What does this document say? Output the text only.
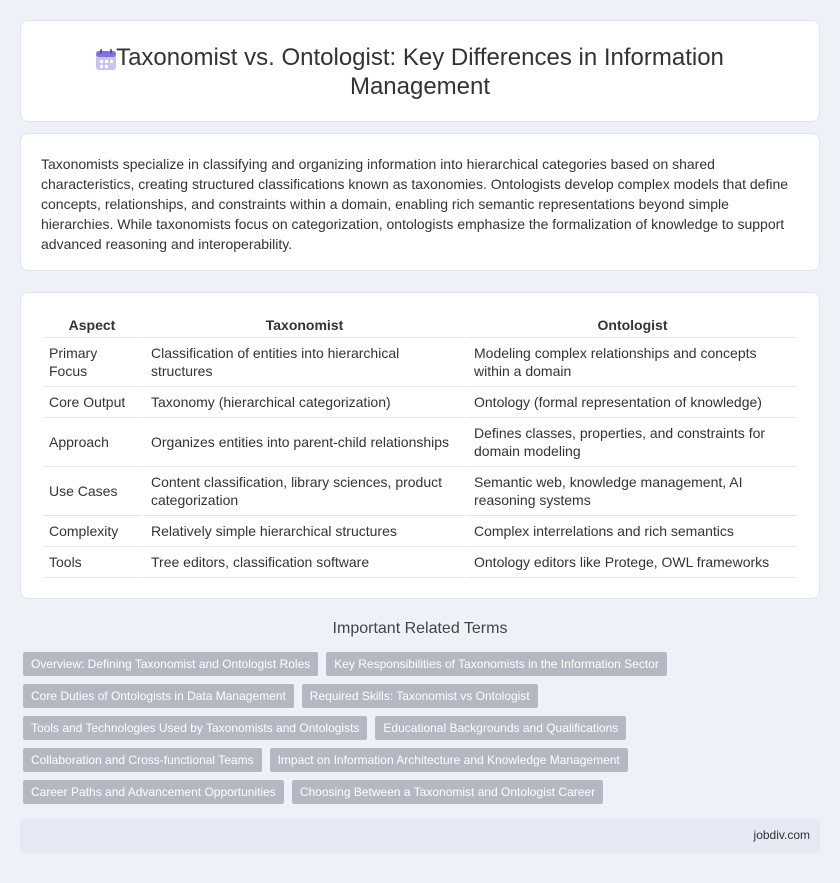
Taxonomist vs. Ontologist: Key Differences in Information Management

Taxonomists specialize in classifying and organizing information into hierarchical categories based on shared characteristics, creating structured classifications known as taxonomies. Ontologists develop complex models that define concepts, relationships, and constraints within a domain, enabling rich semantic representations beyond simple hierarchies. While taxonomists focus on categorization, ontologists emphasize the formalization of knowledge to support advanced reasoning and interoperability.

Aspect	Taxonomist	Ontologist
Primary Focus	Classification of entities into hierarchical structures	Modeling complex relationships and concepts within a domain
Core Output	Taxonomy (hierarchical categorization)	Ontology (formal representation of knowledge)
Approach	Organizes entities into parent-child relationships	Defines classes, properties, and constraints for domain modeling
Use Cases	Content classification, library sciences, product categorization	Semantic web, knowledge management, AI reasoning systems
Complexity	Relatively simple hierarchical structures	Complex interrelations and rich semantics
Tools	Tree editors, classification software	Ontology editors like Protege, OWL frameworks
Important Related Terms
Overview: Defining Taxonomist and Ontologist Roles	Key Responsibilities of Taxonomists in the Information Sector
Core Duties of Ontologists in Data Management	Required Skills: Taxonomist vs Ontologist
Tools and Technologies Used by Taxonomists and Ontologists	Educational Backgrounds and Qualifications
Collaboration and Cross-functional Teams	Impact on Information Architecture and Knowledge Management
Career Paths and Advancement Opportunities	Choosing Between a Taxonomist and Ontologist Career
jobdiv.com
